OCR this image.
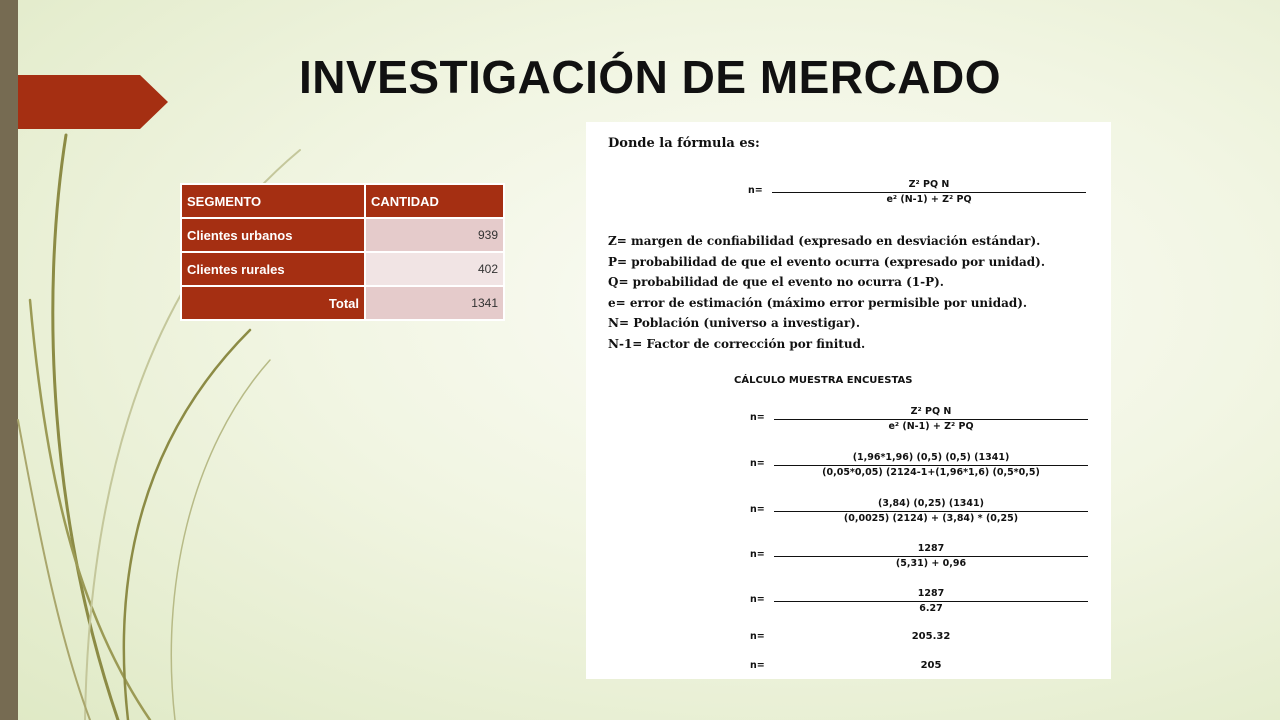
INVESTIGACIÓN DE MERCADO
SEGMENTO	CANTIDAD
Clientes urbanos	939
Clientes rurales	402
Total	1341
Donde la fórmula es:
n=
Z² PQ N
e² (N-1) + Z² PQ
Z= margen de confiabilidad (expresado en desviación estándar).
P= probabilidad de que el evento ocurra (expresado por unidad).
Q= probabilidad de que el evento no ocurra (1-P).
e= error de estimación (máximo error permisible por unidad).
N= Población (universo a investigar).
N-1= Factor de corrección por finitud.
CÁLCULO MUESTRA ENCUESTAS
n=
Z² PQ N
e² (N-1) + Z² PQ
n=
(1,96*1,96) (0,5) (0,5) (1341)
(0,05*0,05) (2124-1+(1,96*1,6) (0,5*0,5)
n=
(3,84) (0,25) (1341)
(0,0025) (2124) + (3,84) * (0,25)
n=
1287
(5,31) + 0,96
n=
1287
6.27
n=	205.32
n=	205
